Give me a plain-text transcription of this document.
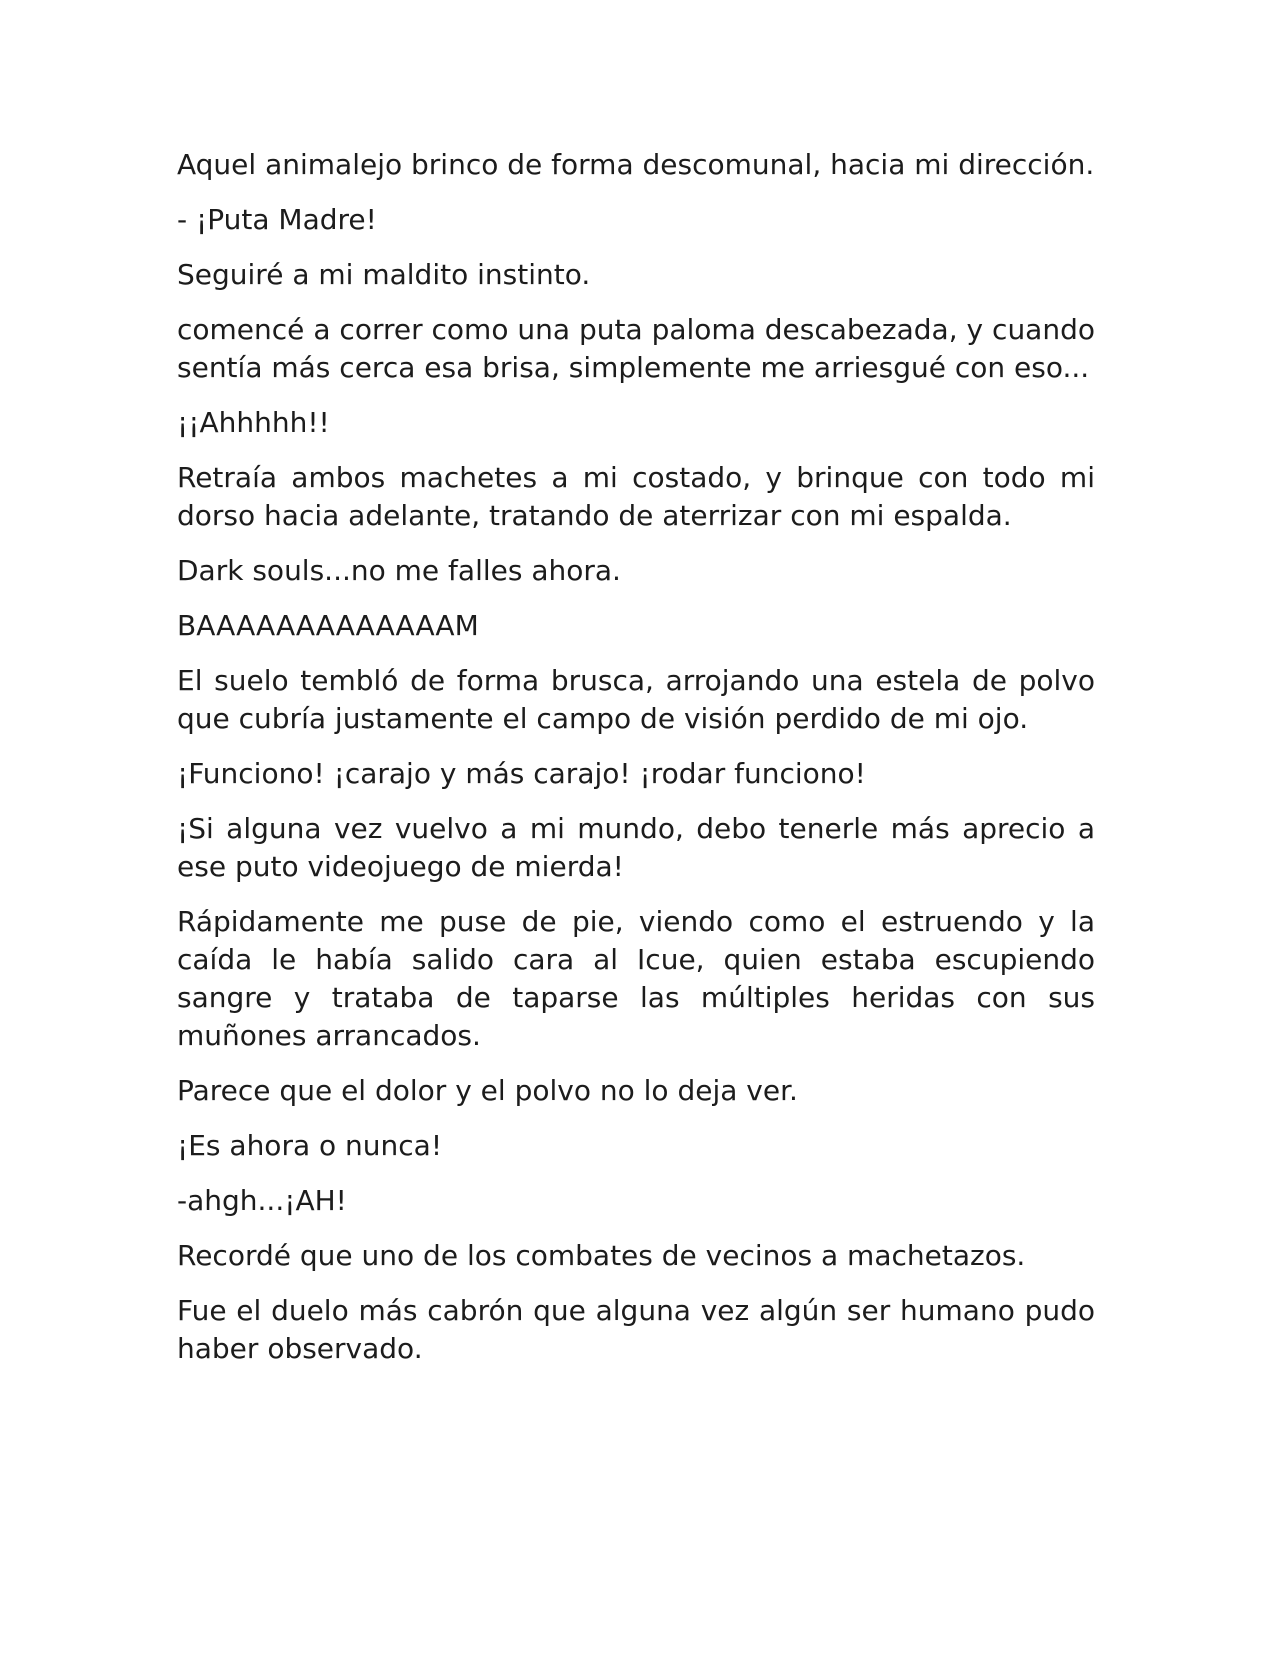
Aquel animalejo brinco de forma descomunal, hacia mi dirección.

- ¡Puta Madre!

Seguiré a mi maldito instinto.

comencé a correr como una puta paloma descabezada, y cuando sentía más cerca esa brisa, simplemente me arriesgué con eso...

¡¡Ahhhhh!!

Retraía ambos machetes a mi costado, y brinque con todo mi dorso hacia adelante, tratando de aterrizar con mi espalda.

Dark souls...no me falles ahora.

BAAAAAAAAAAAAAM

El suelo tembló de forma brusca, arrojando una estela de polvo que cubría justamente el campo de visión perdido de mi ojo.

¡Funciono! ¡carajo y más carajo! ¡rodar funciono!

¡Si alguna vez vuelvo a mi mundo, debo tenerle más aprecio a ese puto videojuego de mierda!

Rápidamente me puse de pie, viendo como el estruendo y la caída le había salido cara al Icue, quien estaba escupiendo sangre y trataba de taparse las múltiples heridas con sus muñones arrancados.

Parece que el dolor y el polvo no lo deja ver.

¡Es ahora o nunca!

-ahgh...¡AH!

Recordé que uno de los combates de vecinos a machetazos.

Fue el duelo más cabrón que alguna vez algún ser humano pudo haber observado.
